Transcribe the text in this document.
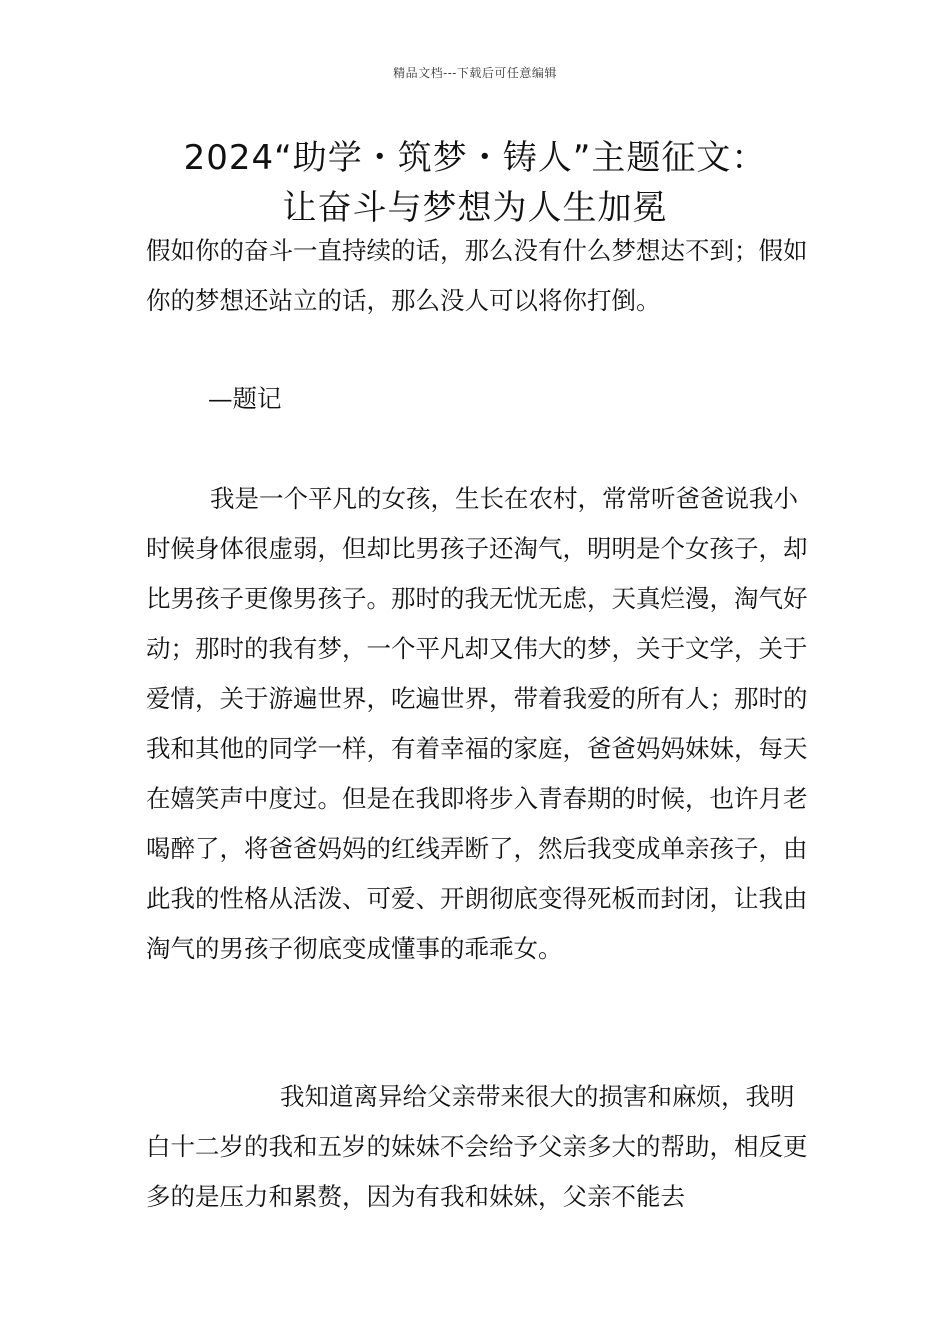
精品文档---下载后可任意编辑
2024“助学・筑梦・铸人”主题征文：
让奋斗与梦想为人生加冕

假如你的奋斗一直持续的话，那么没有什么梦想达不到；假如你的梦想还站立的话，那么没人可以将你打倒。

—题记

我是一个平凡的女孩，生长在农村，常常听爸爸说我小时候身体很虚弱，但却比男孩子还淘气，明明是个女孩子，却比男孩子更像男孩子。那时的我无忧无虑，天真烂漫，淘气好动；那时的我有梦，一个平凡却又伟大的梦，关于文学，关于爱情，关于游遍世界，吃遍世界，带着我爱的所有人；那时的我和其他的同学一样，有着幸福的家庭，爸爸妈妈妹妹，每天在嬉笑声中度过。但是在我即将步入青春期的时候，也许月老喝醉了，将爸爸妈妈的红线弄断了，然后我变成单亲孩子，由此我的性格从活泼、可爱、开朗彻底变得死板而封闭，让我由淘气的男孩子彻底变成懂事的乖乖女。

我知道离异给父亲带来很大的损害和麻烦，我明白十二岁的我和五岁的妹妹不会给予父亲多大的帮助，相反更多的是压力和累赘，因为有我和妹妹，父亲不能去
